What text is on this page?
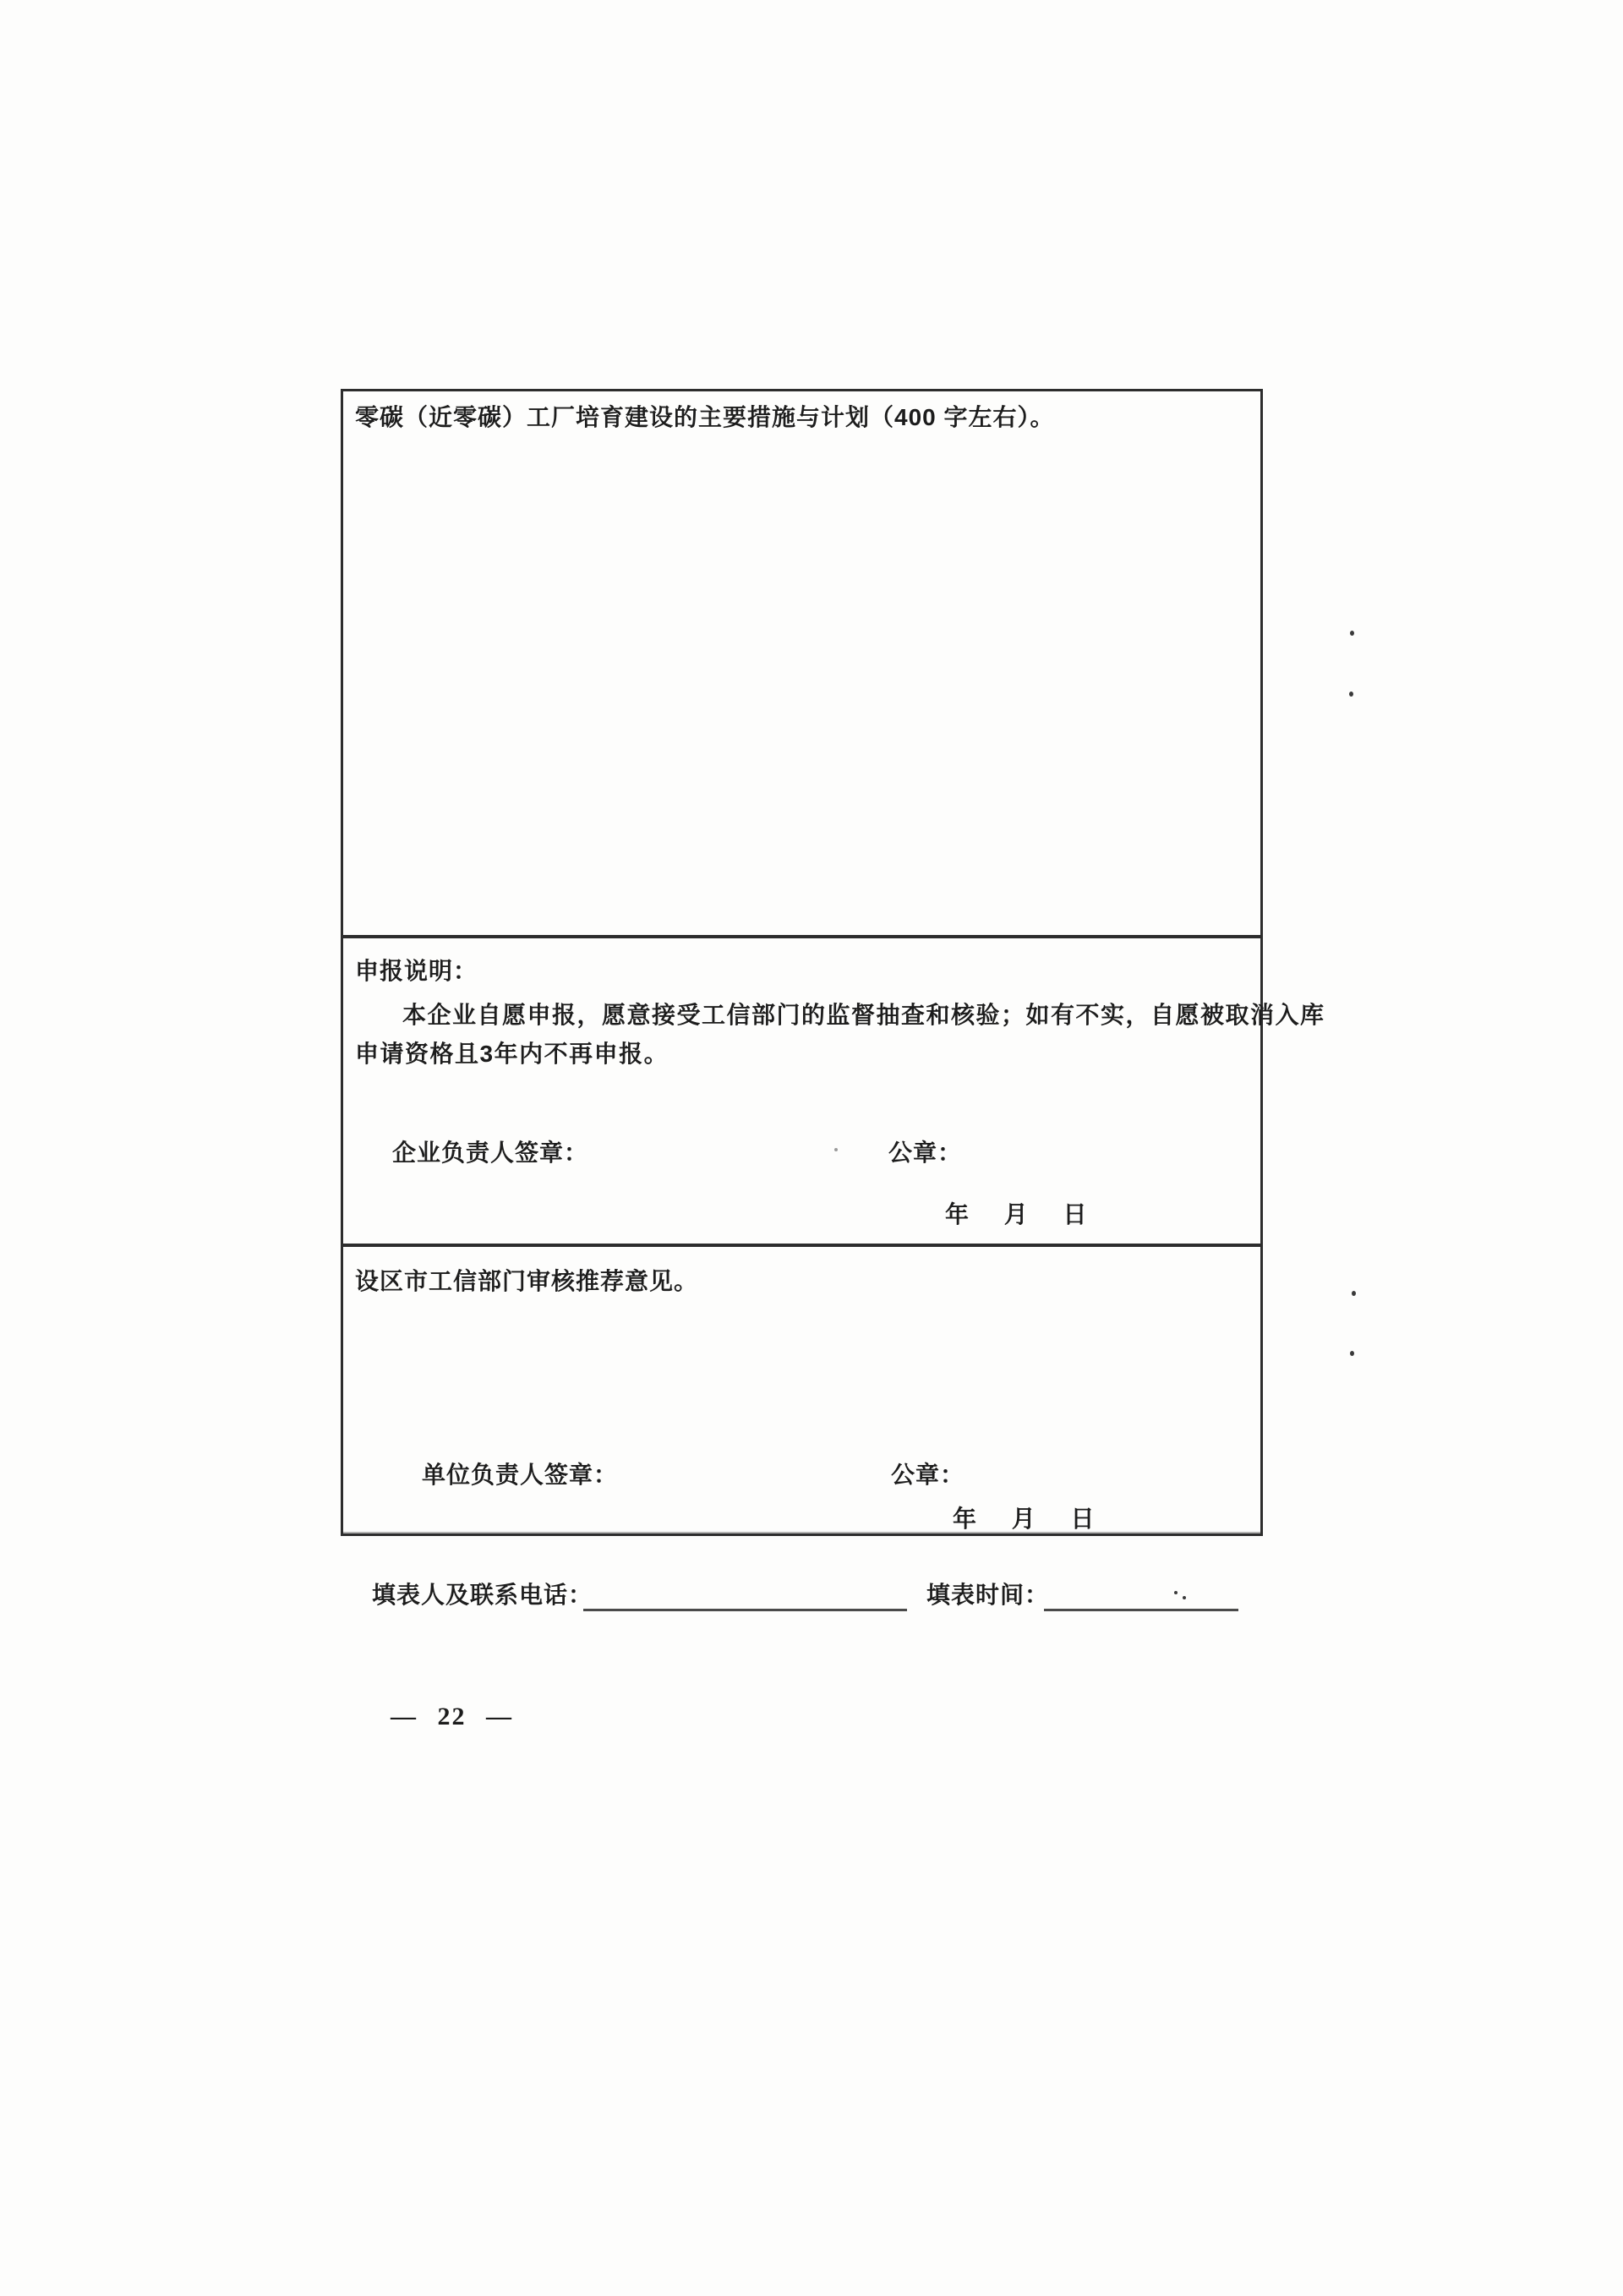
零碳（近零碳）工厂培育建设的主要措施与计划（400 字左右）。
申报说明：
本企业自愿申报，愿意接受工信部门的监督抽查和核验；如有不实，自愿被取消入库
申请资格且3年内不再申报。
企业负责人签章：	公章：
年 月 日
设区市工信部门审核推荐意见。
单位负责人签章：	公章：
年 月 日
填表人及联系电话：	填表时间：
— 22 —
